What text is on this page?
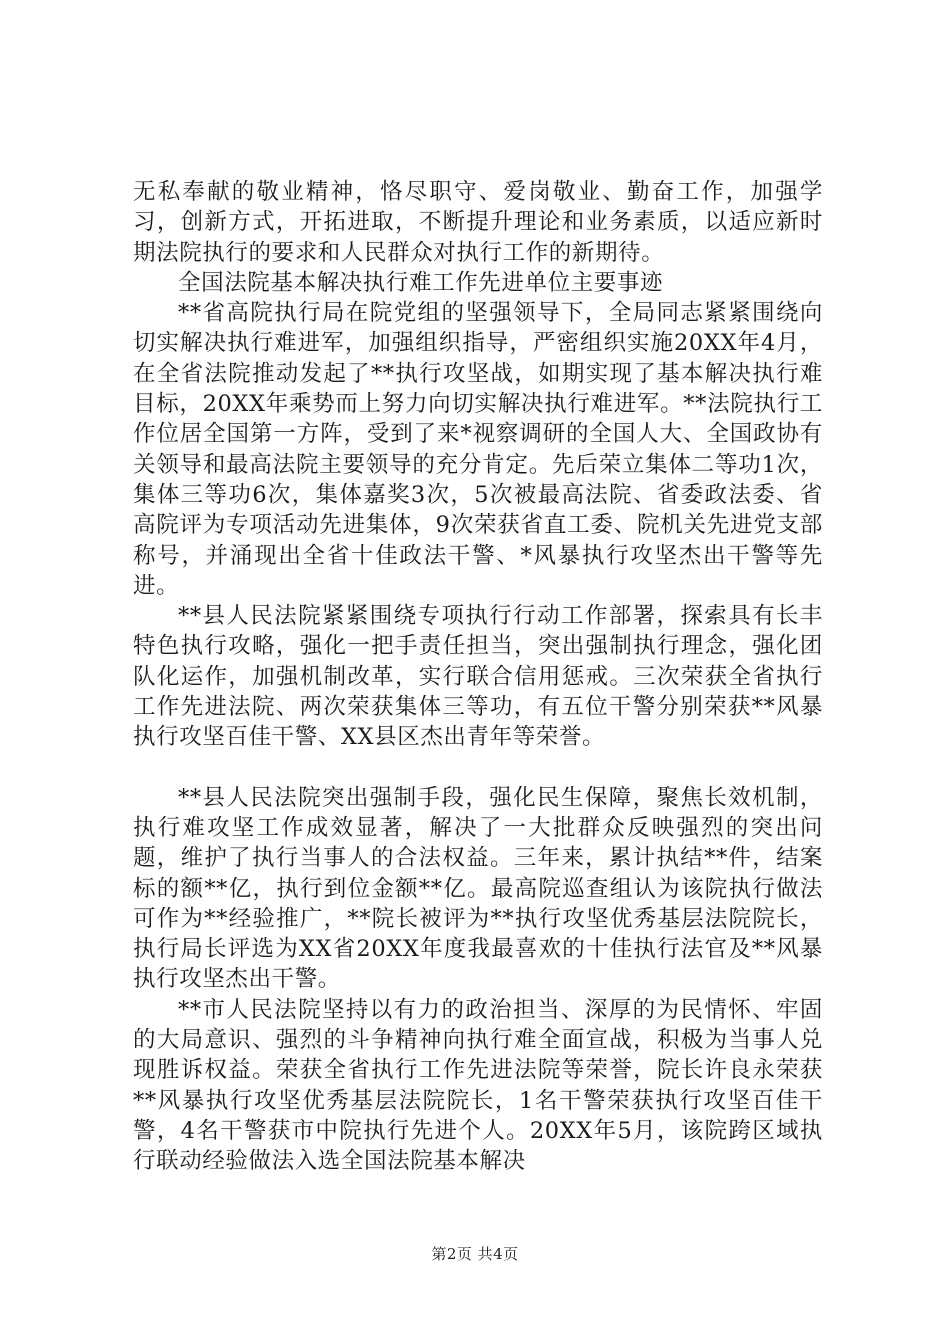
无私奉献的敬业精神，恪尽职守、爱岗敬业、勤奋工作，加强学习，创新方式，开拓进取，不断提升理论和业务素质，以适应新时期法院执行的要求和人民群众对执行工作的新期待。

全国法院基本解决执行难工作先进单位主要事迹

**省高院执行局在院党组的坚强领导下，全局同志紧紧围绕向切实解决执行难进军，加强组织指导，严密组织实施20XX年4月，在全省法院推动发起了**执行攻坚战，如期实现了基本解决执行难目标，20XX年乘势而上努力向切实解决执行难进军。**法院执行工作位居全国第一方阵，受到了来*视察调研的全国人大、全国政协有关领导和最高法院主要领导的充分肯定。先后荣立集体二等功1次，集体三等功6次，集体嘉奖3次，5次被最高法院、省委政法委、省高院评为专项活动先进集体，9次荣获省直工委、院机关先进党支部称号，并涌现出全省十佳政法干警、*风暴执行攻坚杰出干警等先进。

**县人民法院紧紧围绕专项执行行动工作部署，探索具有长丰特色执行攻略，强化一把手责任担当，突出强制执行理念，强化团队化运作，加强机制改革，实行联合信用惩戒。三次荣获全省执行工作先进法院、两次荣获集体三等功，有五位干警分别荣获**风暴执行攻坚百佳干警、XX县区杰出青年等荣誉。

**县人民法院突出强制手段，强化民生保障，聚焦长效机制，执行难攻坚工作成效显著，解决了一大批群众反映强烈的突出问题，维护了执行当事人的合法权益。三年来，累计执结**件，结案标的额**亿，执行到位金额**亿。最高院巡查组认为该院执行做法可作为**经验推广，**院长被评为**执行攻坚优秀基层法院院长，执行局长评选为XX省20XX年度我最喜欢的十佳执行法官及**风暴执行攻坚杰出干警。

**市人民法院坚持以有力的政治担当、深厚的为民情怀、牢固的大局意识、强烈的斗争精神向执行难全面宣战，积极为当事人兑现胜诉权益。荣获全省执行工作先进法院等荣誉，院长许良永荣获**风暴执行攻坚优秀基层法院院长，1名干警荣获执行攻坚百佳干警，4名干警获市中院执行先进个人。20XX年5月，该院跨区域执行联动经验做法入选全国法院基本解决

第2页 共4页
